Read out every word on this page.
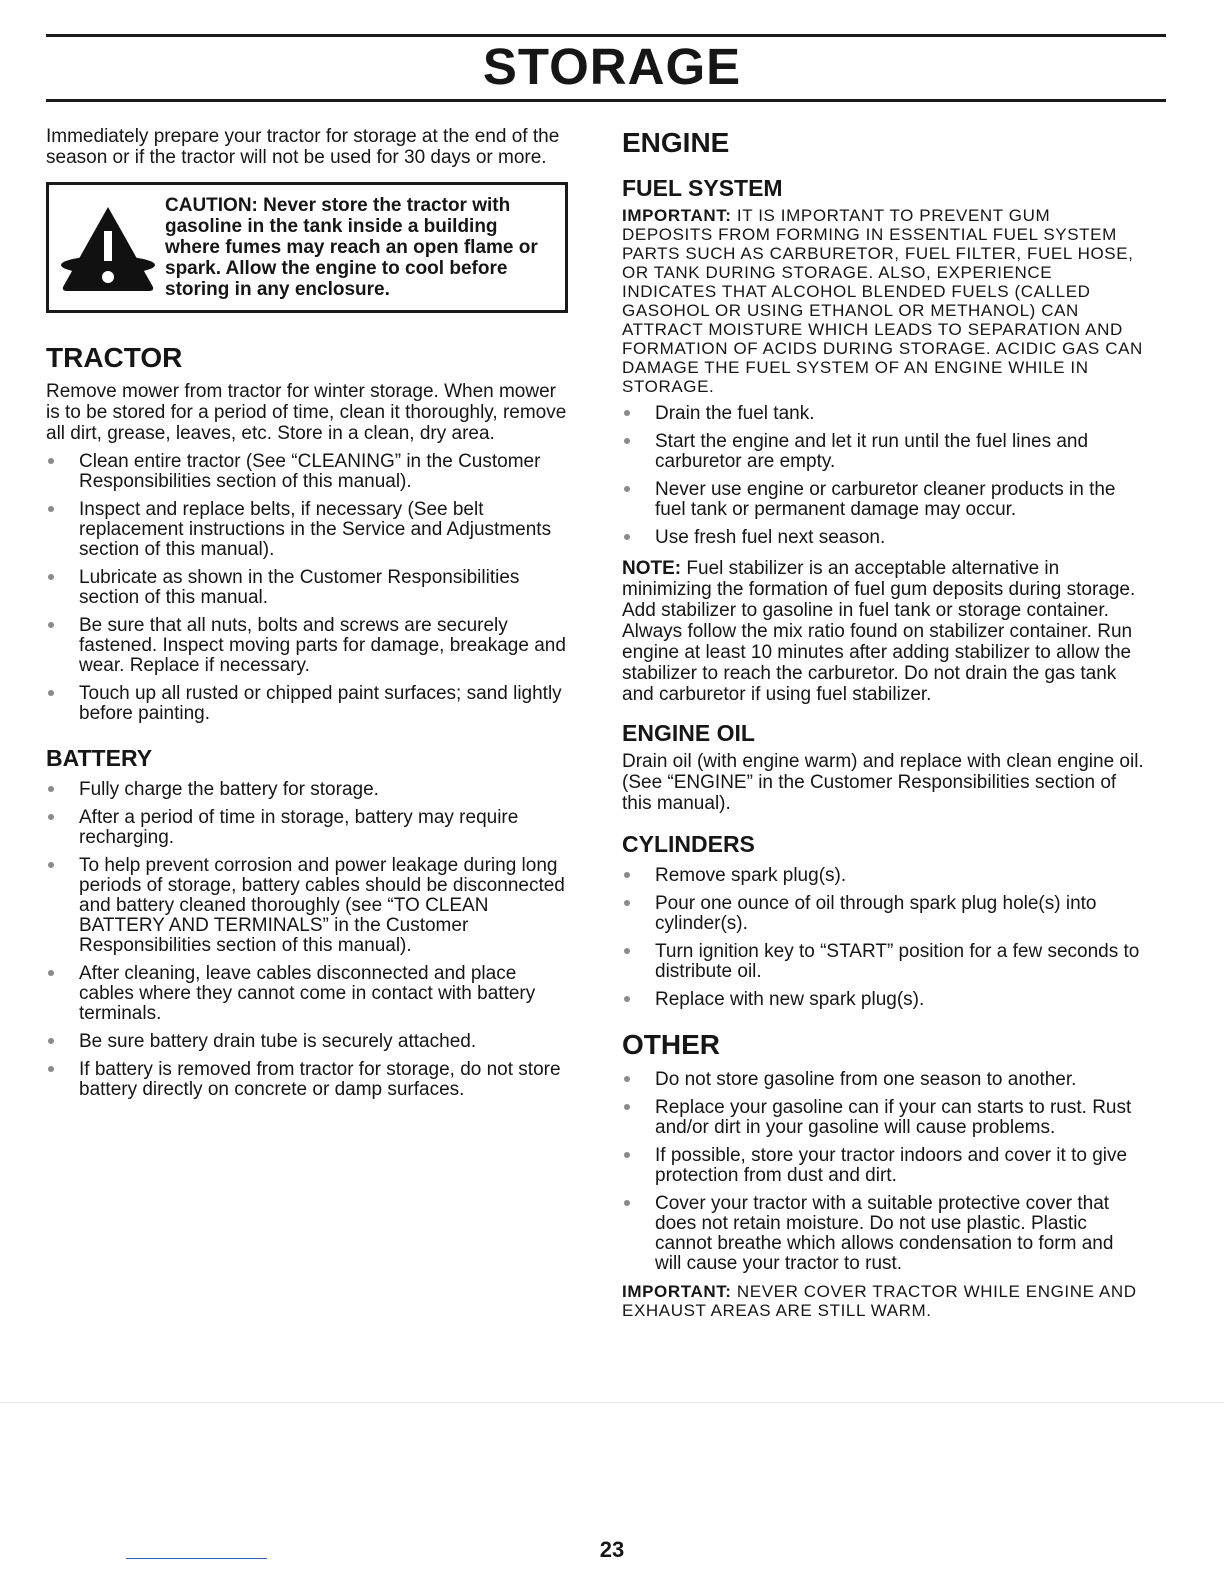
STORAGE

Immediately prepare your tractor for storage at the end of the season or if the tractor will not be used for 30 days or more.

CAUTION: Never store the tractor with gasoline in the tank inside a building where fumes may reach an open flame or spark. Allow the engine to cool before storing in any enclosure.

TRACTOR

Remove mower from tractor for winter storage. When mower is to be stored for a period of time, clean it thoroughly, remove all dirt, grease, leaves, etc. Store in a clean, dry area.

Clean entire tractor (See “CLEANING” in the Customer Responsibilities section of this manual).
Inspect and replace belts, if necessary (See belt replacement instructions in the Service and Adjustments section of this manual).
Lubricate as shown in the Customer Responsibilities section of this manual.
Be sure that all nuts, bolts and screws are securely fastened. Inspect moving parts for damage, breakage and wear. Replace if necessary.
Touch up all rusted or chipped paint surfaces; sand lightly before painting.
BATTERY
Fully charge the battery for storage.
After a period of time in storage, battery may require recharging.
To help prevent corrosion and power leakage during long periods of storage, battery cables should be disconnected and battery cleaned thoroughly (see “TO CLEAN BATTERY AND TERMINALS” in the Customer Responsibilities section of this manual).
After cleaning, leave cables disconnected and place cables where they cannot come in contact with battery terminals.
Be sure battery drain tube is securely attached.
If battery is removed from tractor for storage, do not store battery directly on concrete or damp surfaces.
ENGINE
FUEL SYSTEM

IMPORTANT: IT IS IMPORTANT TO PREVENT GUM DEPOSITS FROM FORMING IN ESSENTIAL FUEL SYSTEM PARTS SUCH AS CARBURETOR, FUEL FILTER, FUEL HOSE, OR TANK DURING STORAGE. ALSO, EXPERIENCE INDICATES THAT ALCOHOL BLENDED FUELS (CALLED GASOHOL OR USING ETHANOL OR METHANOL) CAN ATTRACT MOISTURE WHICH LEADS TO SEPARATION AND FORMATION OF ACIDS DURING STORAGE. ACIDIC GAS CAN DAMAGE THE FUEL SYSTEM OF AN ENGINE WHILE IN STORAGE.

Drain the fuel tank.
Start the engine and let it run until the fuel lines and carburetor are empty.
Never use engine or carburetor cleaner products in the fuel tank or permanent damage may occur.
Use fresh fuel next season.

NOTE: Fuel stabilizer is an acceptable alternative in minimizing the formation of fuel gum deposits during storage. Add stabilizer to gasoline in fuel tank or storage container. Always follow the mix ratio found on stabilizer container. Run engine at least 10 minutes after adding stabilizer to allow the stabilizer to reach the carburetor. Do not drain the gas tank and carburetor if using fuel stabilizer.

ENGINE OIL

Drain oil (with engine warm) and replace with clean engine oil. (See “ENGINE” in the Customer Responsibilities section of this manual).

CYLINDERS
Remove spark plug(s).
Pour one ounce of oil through spark plug hole(s) into cylinder(s).
Turn ignition key to “START” position for a few seconds to distribute oil.
Replace with new spark plug(s).
OTHER
Do not store gasoline from one season to another.
Replace your gasoline can if your can starts to rust. Rust and/or dirt in your gasoline will cause problems.
If possible, store your tractor indoors and cover it to give protection from dust and dirt.
Cover your tractor with a suitable protective cover that does not retain moisture. Do not use plastic. Plastic cannot breathe which allows condensation to form and will cause your tractor to rust.

IMPORTANT: NEVER COVER TRACTOR WHILE ENGINE AND EXHAUST AREAS ARE STILL WARM.

23
